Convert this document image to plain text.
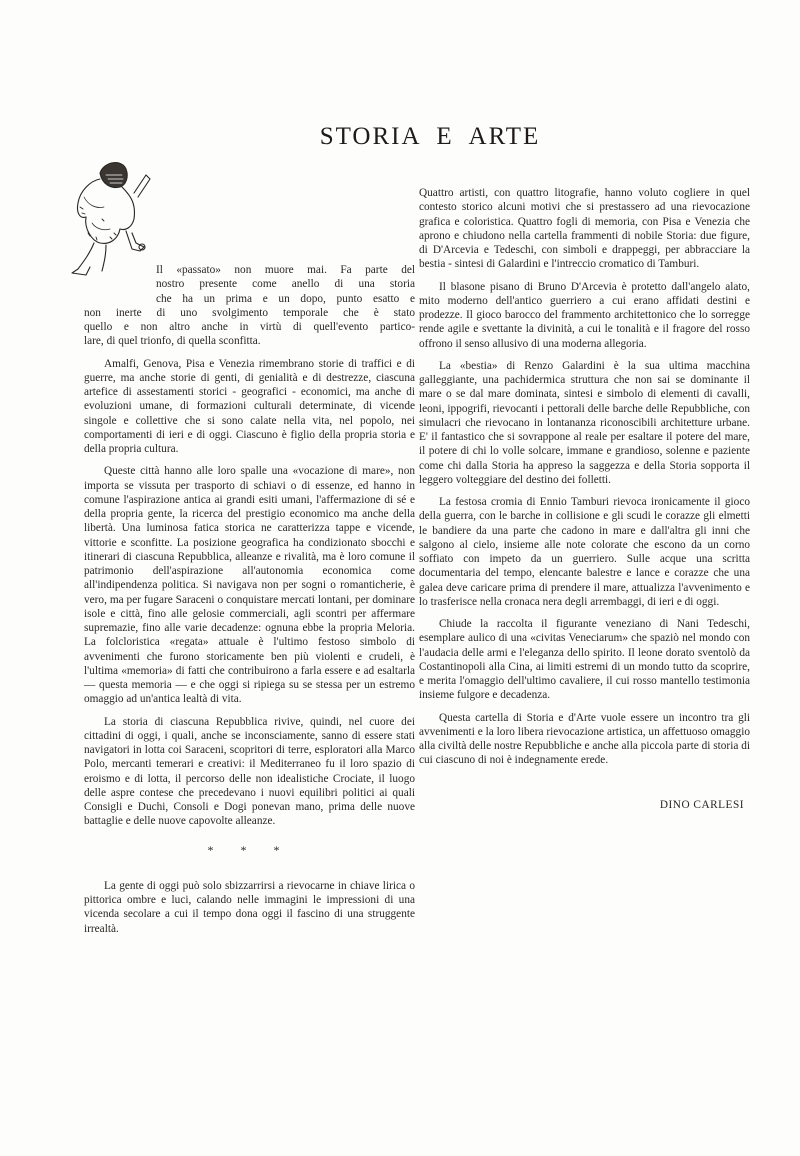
STORIA E ARTE

Il «passato» non muore mai. Fa parte del
nostro presente come anello di una storia
che ha un prima e un dopo, punto esatto e
non inerte di uno svolgimento temporale che è stato
quello e non altro anche in virtù di quell'evento partico-
lare, di quel trionfo, di quella sconfitta.

Amalfi, Genova, Pisa e Venezia rimembrano storie di traffici e di guerre, ma anche storie di genti, di genialità e di destrezze, ciascuna artefice di assestamenti storici - geografici - economici, ma anche di evoluzioni umane, di formazioni culturali determinate, di vicende singole e collettive che si sono calate nella vita, nel popolo, nei comportamenti di ieri e di oggi. Ciascuno è figlio della propria storia e della propria cultura.

Queste città hanno alle loro spalle una «vocazione di mare», non importa se vissuta per trasporto di schiavi o di essenze, ed hanno in comune l'aspirazione antica ai grandi esiti umani, l'affermazione di sé e della propria gente, la ricerca del prestigio economico ma anche della libertà. Una luminosa fatica storica ne caratterizza tappe e vicende, vittorie e sconfitte. La posizione geografica ha condizionato sbocchi e itinerari di ciascuna Repubblica, alleanze e rivalità, ma è loro comune il patrimonio dell'aspirazione all'autonomia economica come all'indipendenza politica. Si navigava non per sogni o romanticherie, è vero, ma per fugare Saraceni o conquistare mercati lontani, per dominare isole e città, fino alle gelosie commerciali, agli scontri per affermare supremazie, fino alle varie decadenze: ognuna ebbe la propria Meloria. La folcloristica «regata» attuale è l'ultimo festoso simbolo di avvenimenti che furono storicamente ben più violenti e crudeli, è l'ultima «memoria» di fatti che contribuirono a farla essere e ad esaltarla — questa memoria — e che oggi si ripiega su se stessa per un estremo omaggio ad un'antica lealtà di vita.

La storia di ciascuna Repubblica rivive, quindi, nel cuore dei cittadini di oggi, i quali, anche se inconsciamente, sanno di essere stati navigatori in lotta coi Saraceni, scopritori di terre, esploratori alla Marco Polo, mercanti temerari e creativi: il Mediterraneo fu il loro spazio di eroismo e di lotta, il percorso delle non idealistiche Crociate, il luogo delle aspre contese che precedevano i nuovi equilibri politici ai quali Consigli e Duchi, Consoli e Dogi ponevan mano, prima delle nuove battaglie e delle nuove capovolte alleanze.

* * *

La gente di oggi può solo sbizzarrirsi a rievocarne in chiave lirica o pittorica ombre e luci, calando nelle immagini le impressioni di una vicenda secolare a cui il tempo dona oggi il fascino di una struggente irrealtà.

Quattro artisti, con quattro litografie, hanno voluto cogliere in quel contesto storico alcuni motivi che si prestassero ad una rievocazione grafica e coloristica. Quattro fogli di memoria, con Pisa e Venezia che aprono e chiudono nella cartella frammenti di nobile Storia: due figure, di D'Arcevia e Tedeschi, con simboli e drappeggi, per abbracciare la bestia - sintesi di Galardini e l'intreccio cromatico di Tamburi.

Il blasone pisano di Bruno D'Arcevia è protetto dall'angelo alato, mito moderno dell'antico guerriero a cui erano affidati destini e prodezze. Il gioco barocco del frammento architettonico che lo sorregge rende agile e svettante la divinità, a cui le tonalità e il fragore del rosso offrono il senso allusivo di una moderna allegoria.

La «bestia» di Renzo Galardini è la sua ultima macchina galleggiante, una pachidermica struttura che non sai se dominante il mare o se dal mare dominata, sintesi e simbolo di elementi di cavalli, leoni, ippogrifi, rievocanti i pettorali delle barche delle Repubbliche, con simulacri che rievocano in lontananza riconoscibili architetture urbane. E' il fantastico che si sovrappone al reale per esaltare il potere del mare, il potere di chi lo volle solcare, immane e grandioso, solenne e paziente come chi dalla Storia ha appreso la saggezza e della Storia sopporta il leggero volteggiare del destino dei folletti.

La festosa cromia di Ennio Tamburi rievoca ironicamente il gioco della guerra, con le barche in collisione e gli scudi le corazze gli elmetti le bandiere da una parte che cadono in mare e dall'altra gli inni che salgono al cielo, insieme alle note colorate che escono da un corno soffiato con impeto da un guerriero. Sulle acque una scritta documentaria del tempo, elencante balestre e lance e corazze che una galea deve caricare prima di prendere il mare, attualizza l'avvenimento e lo trasferisce nella cronaca nera degli arrembaggi, di ieri e di oggi.

Chiude la raccolta il figurante veneziano di Nani Tedeschi, esemplare aulico di una «civitas Veneciarum» che spaziò nel mondo con l'audacia delle armi e l'eleganza dello spirito. Il leone dorato sventolò da Costantinopoli alla Cina, ai limiti estremi di un mondo tutto da scoprire, e merita l'omaggio dell'ultimo cavaliere, il cui rosso mantello testimonia insieme fulgore e decadenza.

Questa cartella di Storia e d'Arte vuole essere un incontro tra gli avvenimenti e la loro libera rievocazione artistica, un affettuoso omaggio alla civiltà delle nostre Repubbliche e anche alla piccola parte di storia di cui ciascuno di noi è indegnamente erede.

DINO CARLESI
